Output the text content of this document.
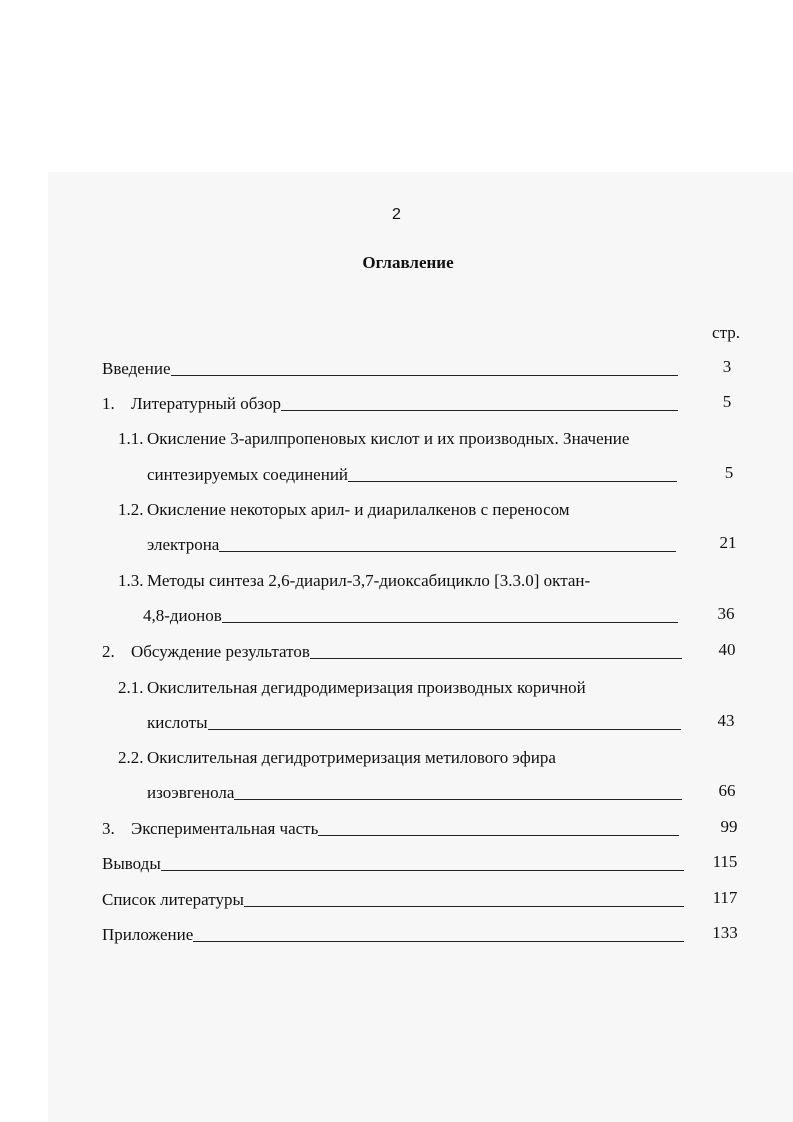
2
Оглавление
стр.
Введение	3
1. Литературный обзор	5
1.1. Окисление 3-арилпропеновых кислот и их производных. Значение
синтезируемых соединений	5
1.2. Окисление некоторых арил- и диарилалкенов с переносом
электрона	21
1.3. Методы синтеза 2,6-диарил-3,7-диоксабицикло [3.3.0] октан-
4,8-дионов	36
2. Обсуждение результатов	40
2.1. Окислительная дегидродимеризация производных коричной
кислоты	43
2.2. Окислительная дегидротримеризация метилового эфира
изоэвгенола	66
3. Экспериментальная часть	99
Выводы	115
Список литературы	117
Приложение	133
